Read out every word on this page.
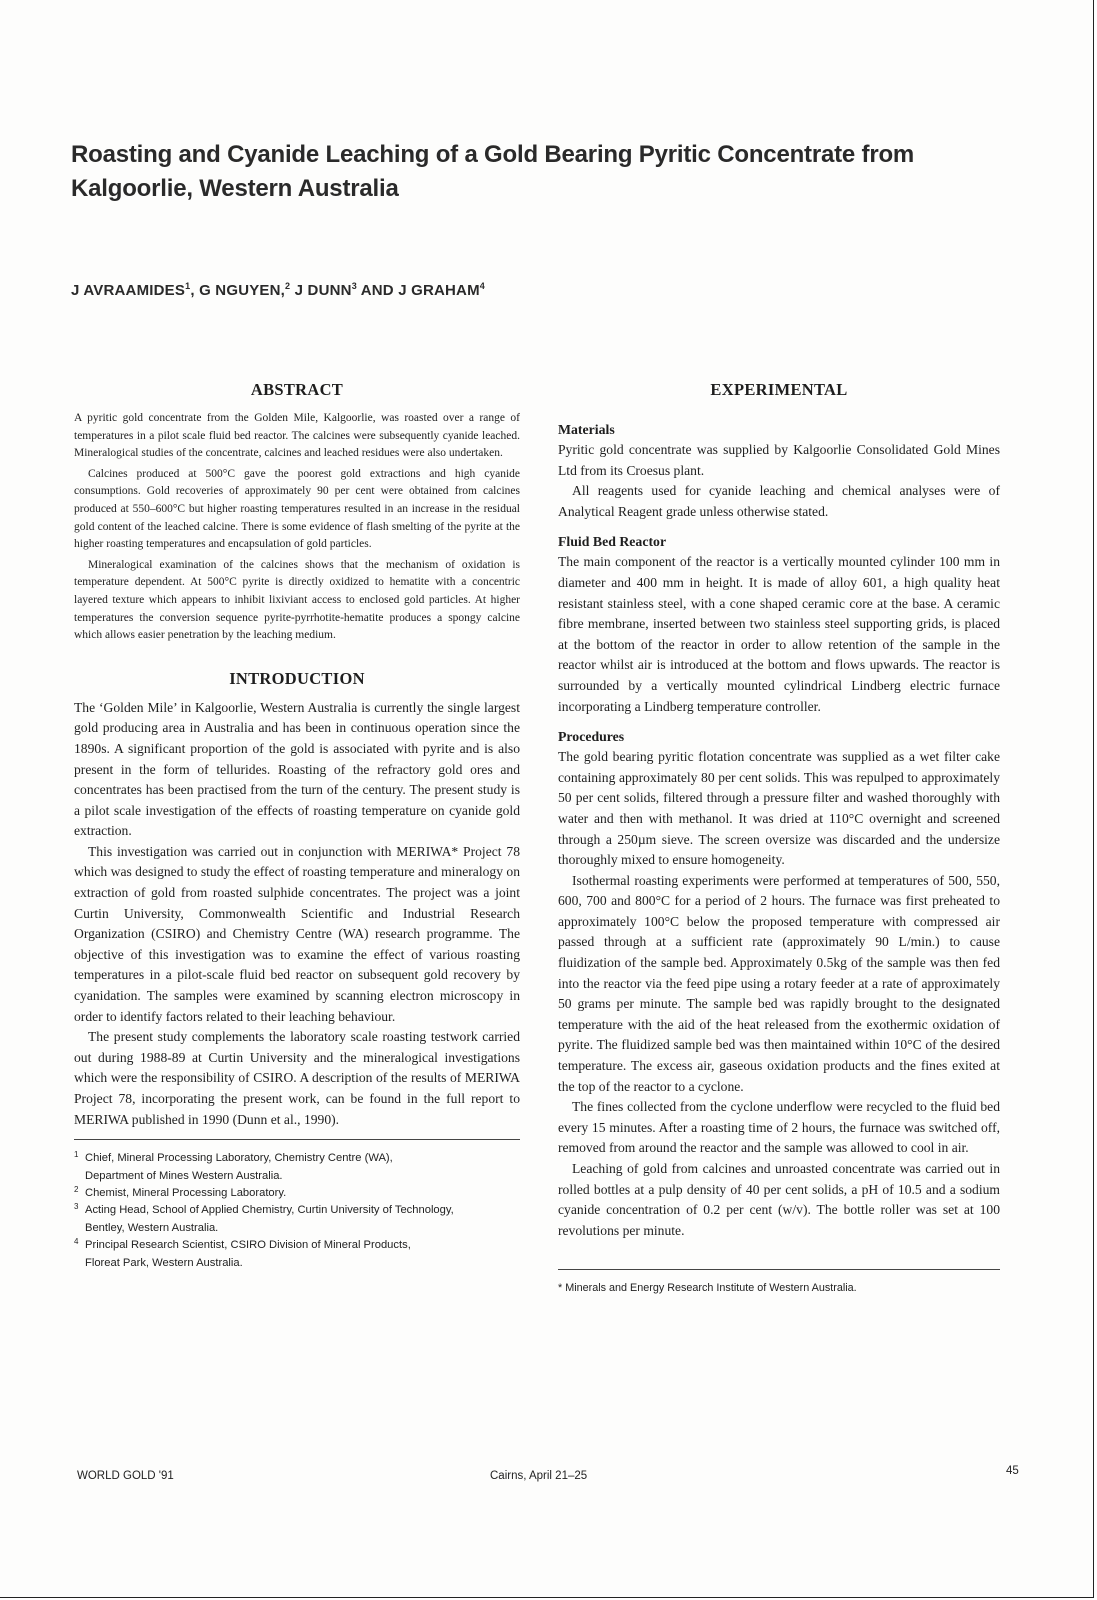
Roasting and Cyanide Leaching of a Gold Bearing Pyritic Concentrate from Kalgoorlie, Western Australia
J AVRAAMIDES$^1$, G NGUYEN,$^2$ J DUNN$^3$ AND J GRAHAM$^4$
ABSTRACT

A pyritic gold concentrate from the Golden Mile, Kalgoorlie, was roasted over a range of temperatures in a pilot scale fluid bed reactor. The calcines were subsequently cyanide leached. Mineralogical studies of the concentrate, calcines and leached residues were also undertaken.

Calcines produced at 500°C gave the poorest gold extractions and high cyanide consumptions. Gold recoveries of approximately 90 per cent were obtained from calcines produced at 550–600°C but higher roasting temperatures resulted in an increase in the residual gold content of the leached calcine. There is some evidence of flash smelting of the pyrite at the higher roasting temperatures and encapsulation of gold particles.

Mineralogical examination of the calcines shows that the mechanism of oxidation is temperature dependent. At 500°C pyrite is directly oxidized to hematite with a concentric layered texture which appears to inhibit lixiviant access to enclosed gold particles. At higher temperatures the conversion sequence pyrite-pyrrhotite-hematite produces a spongy calcine which allows easier penetration by the leaching medium.

INTRODUCTION

The ‘Golden Mile’ in Kalgoorlie, Western Australia is currently the single largest gold producing area in Australia and has been in continuous operation since the 1890s. A significant proportion of the gold is associated with pyrite and is also present in the form of tellurides. Roasting of the refractory gold ores and concentrates has been practised from the turn of the century. The present study is a pilot scale investigation of the effects of roasting temperature on cyanide gold extraction.

This investigation was carried out in conjunction with MERIWA* Project 78 which was designed to study the effect of roasting temperature and mineralogy on extraction of gold from roasted sulphide concentrates. The project was a joint Curtin University, Commonwealth Scientific and Industrial Research Organization (CSIRO) and Chemistry Centre (WA) research programme. The objective of this investigation was to examine the effect of various roasting temperatures in a pilot-scale fluid bed reactor on subsequent gold recovery by cyanidation. The samples were examined by scanning electron microscopy in order to identify factors related to their leaching behaviour.

The present study complements the laboratory scale roasting testwork carried out during 1988-89 at Curtin University and the mineralogical investigations which were the responsibility of CSIRO. A description of the results of MERIWA Project 78, incorporating the present work, can be found in the full report to MERIWA published in 1990 (Dunn et al., 1990).

1 Chief, Mineral Processing Laboratory, Chemistry Centre (WA),
Department of Mines Western Australia.
2 Chemist, Mineral Processing Laboratory.
3 Acting Head, School of Applied Chemistry, Curtin University of Technology,
Bentley, Western Australia.
4 Principal Research Scientist, CSIRO Division of Mineral Products,
Floreat Park, Western Australia.
EXPERIMENTAL
Materials

Pyritic gold concentrate was supplied by Kalgoorlie Consolidated Gold Mines Ltd from its Croesus plant.

All reagents used for cyanide leaching and chemical analyses were of Analytical Reagent grade unless otherwise stated.

Fluid Bed Reactor

The main component of the reactor is a vertically mounted cylinder 100 mm in diameter and 400 mm in height. It is made of alloy 601, a high quality heat resistant stainless steel, with a cone shaped ceramic core at the base. A ceramic fibre membrane, inserted between two stainless steel supporting grids, is placed at the bottom of the reactor in order to allow retention of the sample in the reactor whilst air is introduced at the bottom and flows upwards. The reactor is surrounded by a vertically mounted cylindrical Lindberg electric furnace incorporating a Lindberg temperature controller.

Procedures

The gold bearing pyritic flotation concentrate was supplied as a wet filter cake containing approximately 80 per cent solids. This was repulped to approximately 50 per cent solids, filtered through a pressure filter and washed thoroughly with water and then with methanol. It was dried at 110°C overnight and screened through a 250µm sieve. The screen oversize was discarded and the undersize thoroughly mixed to ensure homogeneity.

Isothermal roasting experiments were performed at temperatures of 500, 550, 600, 700 and 800°C for a period of 2 hours. The furnace was first preheated to approximately 100°C below the proposed temperature with compressed air passed through at a sufficient rate (approximately 90 L/min.) to cause fluidization of the sample bed. Approximately 0.5kg of the sample was then fed into the reactor via the feed pipe using a rotary feeder at a rate of approximately 50 grams per minute. The sample bed was rapidly brought to the designated temperature with the aid of the heat released from the exothermic oxidation of pyrite. The fluidized sample bed was then maintained within 10°C of the desired temperature. The excess air, gaseous oxidation products and the fines exited at the top of the reactor to a cyclone.

The fines collected from the cyclone underflow were recycled to the fluid bed every 15 minutes. After a roasting time of 2 hours, the furnace was switched off, removed from around the reactor and the sample was allowed to cool in air.

Leaching of gold from calcines and unroasted concentrate was carried out in rolled bottles at a pulp density of 40 per cent solids, a pH of 10.5 and a sodium cyanide concentration of 0.2 per cent (w/v). The bottle roller was set at 100 revolutions per minute.

* Minerals and Energy Research Institute of Western Australia.
WORLD GOLD '91	Cairns, April 21–25	45
